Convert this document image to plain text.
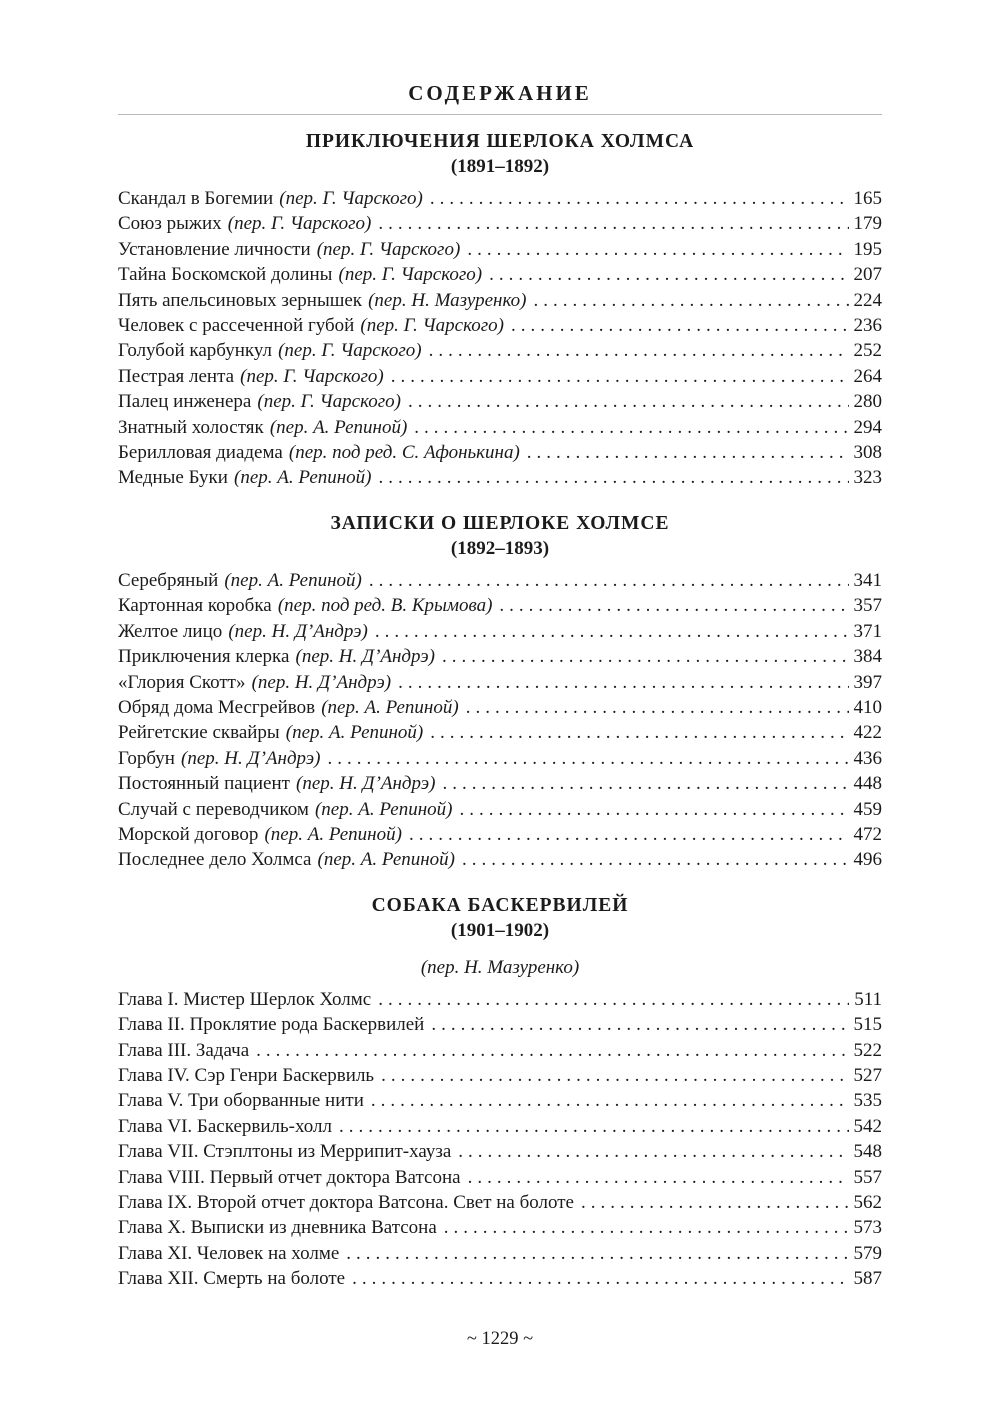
СОДЕРЖАНИЕ
ПРИКЛЮЧЕНИЯ ШЕРЛОКА ХОЛМСА
(1891–1892)
Скандал в Богемии (пер. Г. Чарского) .....	165
Союз рыжих (пер. Г. Чарского) .....	179
Установление личности (пер. Г. Чарского) .....	195
Тайна Боскомской долины (пер. Г. Чарского) .....	207
Пять апельсиновых зернышек (пер. Н. Мазуренко) .....	224
Человек с рассеченной губой (пер. Г. Чарского) .....	236
Голубой карбункул (пер. Г. Чарского) .....	252
Пестрая лента (пер. Г. Чарского) .....	264
Палец инженера (пер. Г. Чарского) .....	280
Знатный холостяк (пер. А. Репиной) .....	294
Берилловая диадема (пер. под ред. С. Афонькина) .....	308
Медные Буки (пер. А. Репиной) .....	323
ЗАПИСКИ О ШЕРЛОКЕ ХОЛМСЕ
(1892–1893)
Серебряный (пер. А. Репиной) .....	341
Картонная коробка (пер. под ред. В. Крымова) .....	357
Желтое лицо (пер. Н. Д’Андрэ) .....	371
Приключения клерка (пер. Н. Д’Андрэ) .....	384
«Глория Скотт» (пер. Н. Д’Андрэ) .....	397
Обряд дома Месгрейвов (пер. А. Репиной) .....	410
Рейгетские сквайры (пер. А. Репиной) .....	422
Горбун (пер. Н. Д’Андрэ) .....	436
Постоянный пациент (пер. Н. Д’Андрэ) .....	448
Случай с переводчиком (пер. А. Репиной) .....	459
Морской договор (пер. А. Репиной) .....	472
Последнее дело Холмса (пер. А. Репиной) .....	496
СОБАКА БАСКЕРВИЛЕЙ
(1901–1902)
(пер. Н. Мазуренко)
Глава I. Мистер Шерлок Холмс .....	511
Глава II. Проклятие рода Баскервилей .....	515
Глава III. Задача .....	522
Глава IV. Сэр Генри Баскервиль .....	527
Глава V. Три оборванные нити .....	535
Глава VI. Баскервиль-холл .....	542
Глава VII. Стэплтоны из Меррипит-хауза .....	548
Глава VIII. Первый отчет доктора Ватсона .....	557
Глава IX. Второй отчет доктора Ватсона. Свет на болоте .....	562
Глава X. Выписки из дневника Ватсона .....	573
Глава XI. Человек на холме .....	579
Глава XII. Смерть на болоте .....	587
~ 1229 ~
